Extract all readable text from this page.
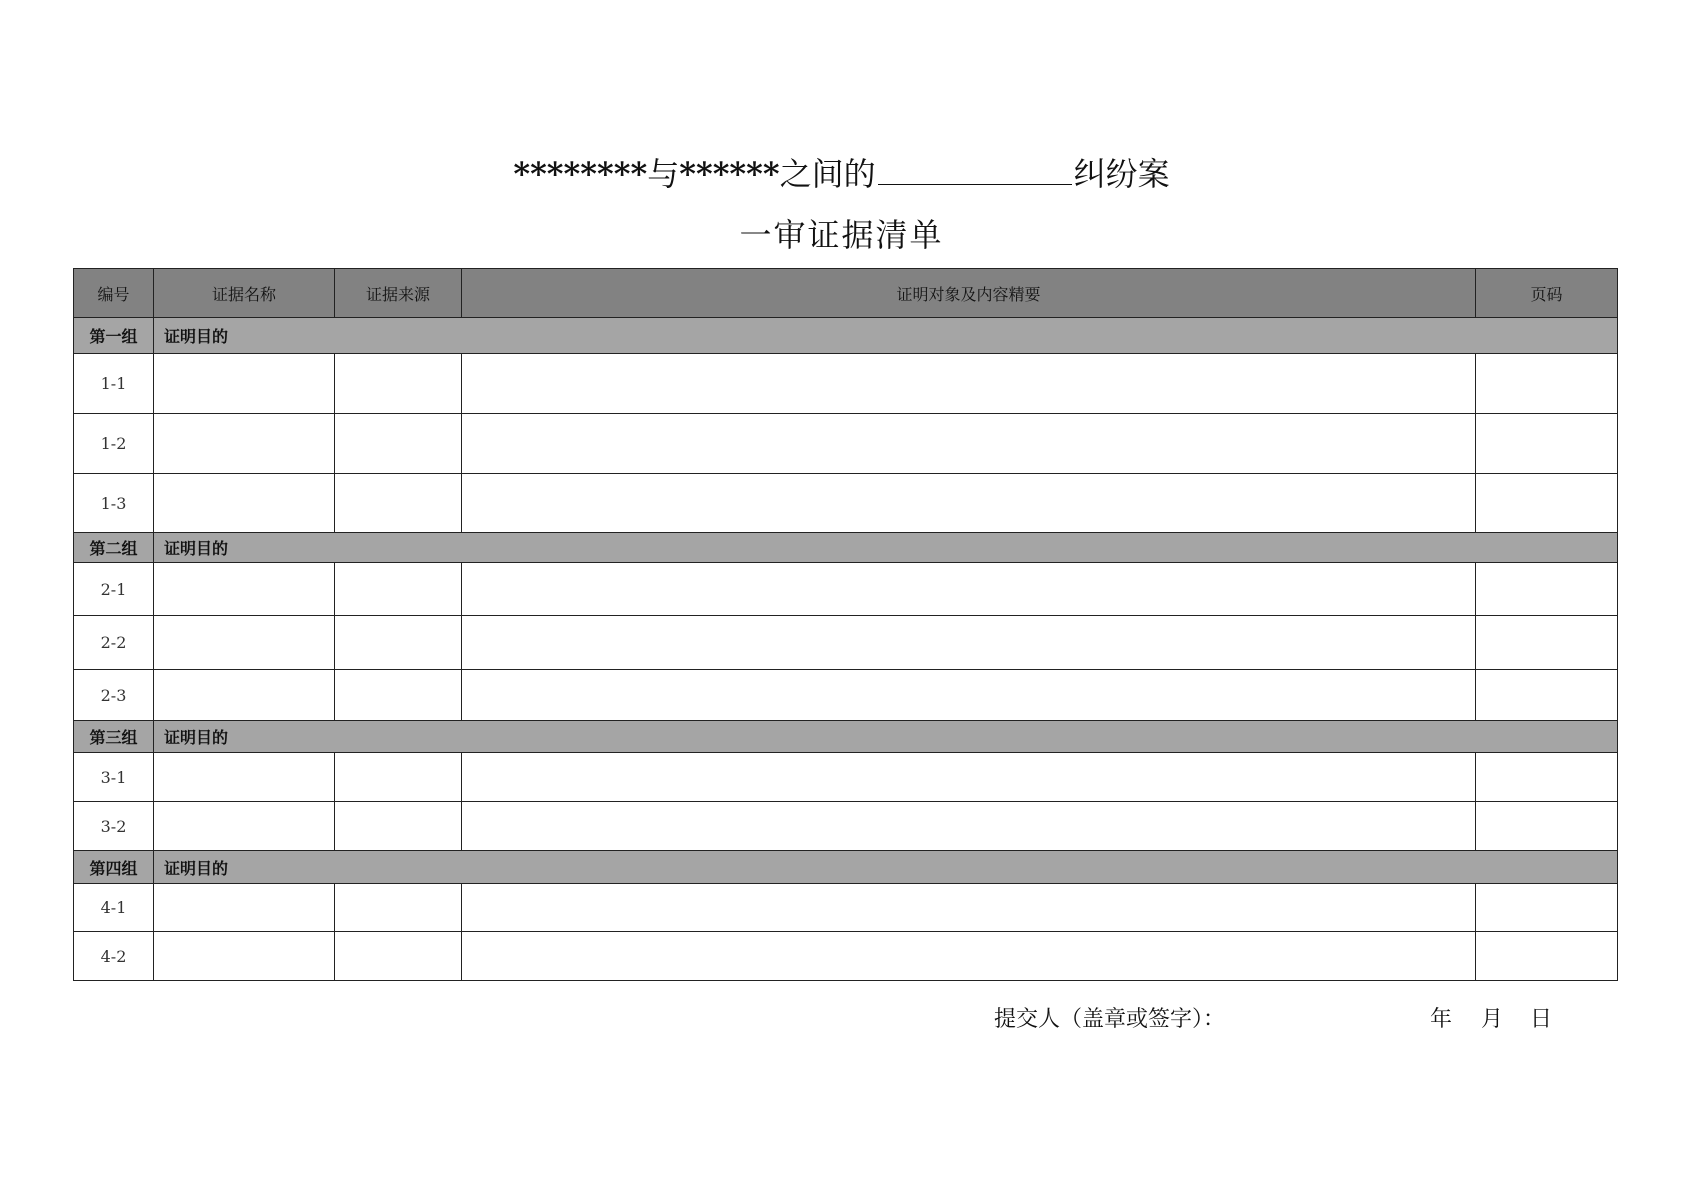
********与******之间的	纠纷案
一审证据清单
编号	证据名称	证据来源	证明对象及内容精要	页码
第一组	证明目的			
1-1				
1-2				
1-3				
第二组	证明目的			
2-1				
2-2				
2-3				
第三组	证明目的			
3-1				
3-2				
第四组	证明目的			
4-1				
4-2				
提交人（盖章或签字）：	年 月 日
